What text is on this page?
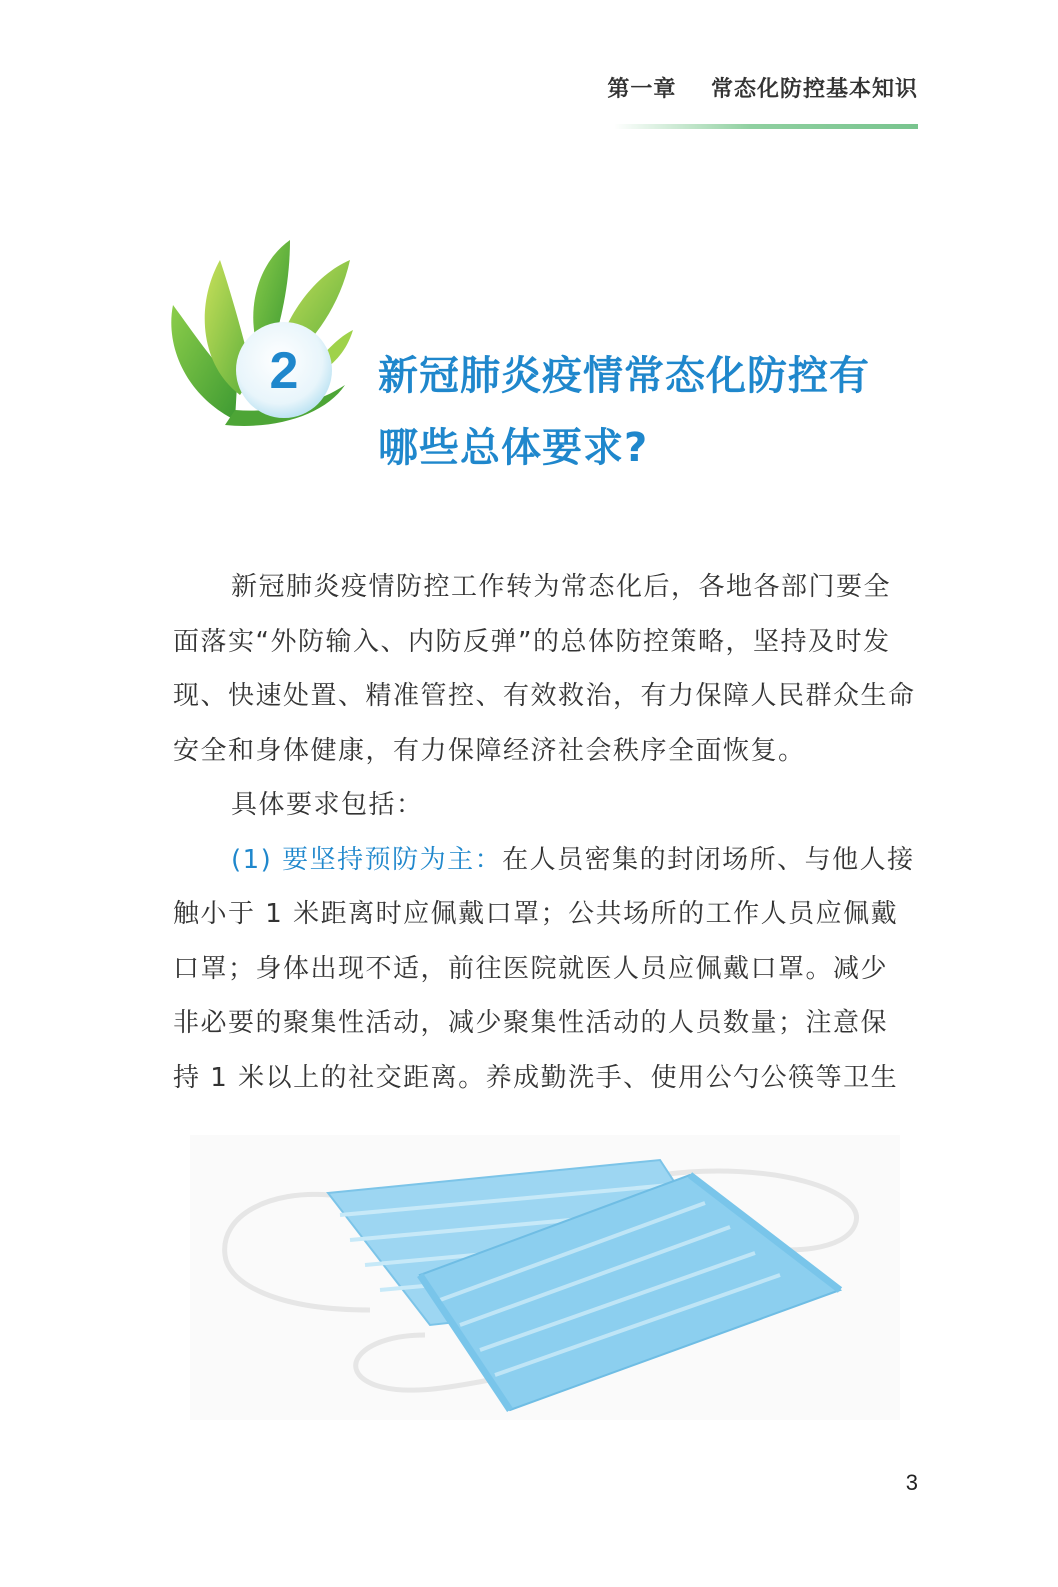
第一章 常态化防控基本知识
2	新冠肺炎疫情常态化防控有
哪些总体要求?
新冠肺炎疫情防控工作转为常态化后，各地各部门要全
面落实“外防输入、内防反弹”的总体防控策略，坚持及时发
现、快速处置、精准管控、有效救治，有力保障人民群众生命
安全和身体健康，有力保障经济社会秩序全面恢复。
具体要求包括：
(1) 要坚持预防为主：在人员密集的封闭场所、与他人接
触小于 1 米距离时应佩戴口罩；公共场所的工作人员应佩戴
口罩；身体出现不适，前往医院就医人员应佩戴口罩。减少
非必要的聚集性活动，减少聚集性活动的人员数量；注意保
持 1 米以上的社交距离。养成勤洗手、使用公勺公筷等卫生
3
